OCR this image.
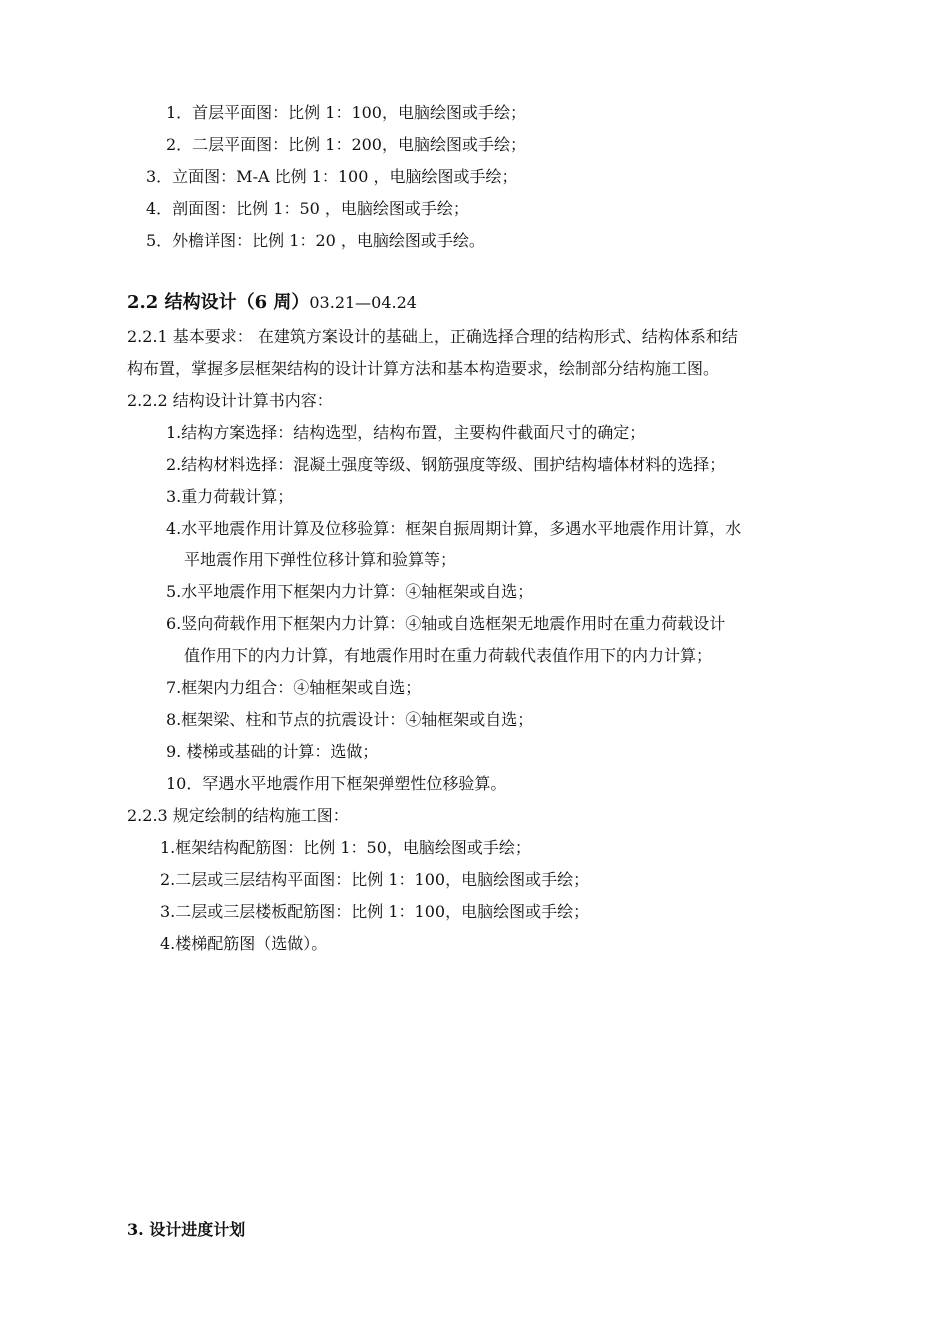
1．首层平面图：比例 1：100，电脑绘图或手绘；
2．二层平面图：比例 1：200，电脑绘图或手绘；
3．立面图：M-A 比例 1：100 ，电脑绘图或手绘；
4．剖面图：比例 1：50 ，电脑绘图或手绘；
5．外檐详图：比例 1：20 ，电脑绘图或手绘。
2.2 结构设计（6 周）03.21—04.24
2.2.1 基本要求： 在建筑方案设计的基础上，正确选择合理的结构形式、结构体系和结
构布置，掌握多层框架结构的设计计算方法和基本构造要求，绘制部分结构施工图。
2.2.2 结构设计计算书内容：
1.结构方案选择：结构选型，结构布置，主要构件截面尺寸的确定；
2.结构材料选择：混凝土强度等级、钢筋强度等级、围护结构墙体材料的选择；
3.重力荷载计算；
4.水平地震作用计算及位移验算：框架自振周期计算，多遇水平地震作用计算，水
平地震作用下弹性位移计算和验算等；
5.水平地震作用下框架内力计算：④轴框架或自选；
6.竖向荷载作用下框架内力计算：④轴或自选框架无地震作用时在重力荷载设计
值作用下的内力计算，有地震作用时在重力荷载代表值作用下的内力计算；
7.框架内力组合：④轴框架或自选；
8.框架梁、柱和节点的抗震设计：④轴框架或自选；
9. 楼梯或基础的计算：选做；
10．罕遇水平地震作用下框架弹塑性位移验算。
2.2.3 规定绘制的结构施工图：
1.框架结构配筋图：比例 1：50，电脑绘图或手绘；
2.二层或三层结构平面图：比例 1：100，电脑绘图或手绘；
3.二层或三层楼板配筋图：比例 1：100，电脑绘图或手绘；
4.楼梯配筋图（选做）。
3. 设计进度计划
